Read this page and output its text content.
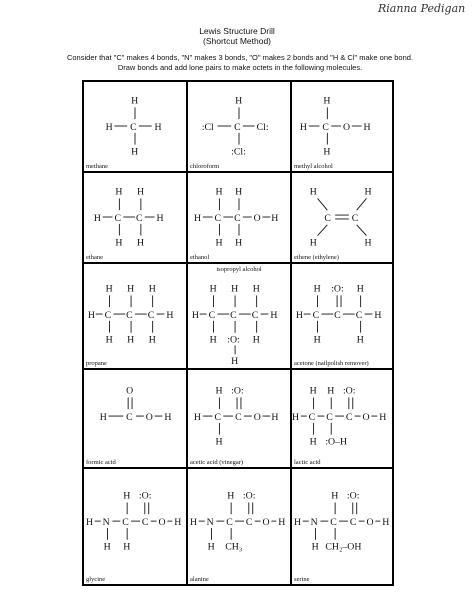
Rianna Pedigan
Lewis Structure Drill
(Shortcut Method)
Consider that "C" makes 4 bonds, "N" makes 3 bonds, "O" makes 2 bonds and "H & Cl" make one bond. Draw bonds and add lone pairs to make octets in the following molecules.
H
H C H
H
methane
H
:Cl C Cl:
:Cl:
chloroform
H
H C O H
H
methyl alcohol
H H
H C C H
H H
ethane
H H
H C C O H
H H
ethanol
H	H
C C
H	H
ethene (ethylene)
H H H
H C C C H
H H H
propane
isopropyl alcohol
H H H
H C C C H
H :O: H
H
H :O: H
H C C C H
H	H
acetone (nailpolish remover)
O
H C O H
formic acid
H :O:
H C C O H
H
acetic acid (vinegar)
H H :O:
H C C C O H
H :O–H
lactic acid
H :O:
H N C C O H
H H
glycine
H :O:
H N C C O H
H CH₃
alanine
H :O:
H N C C O H
H CH₂–OH
serine
